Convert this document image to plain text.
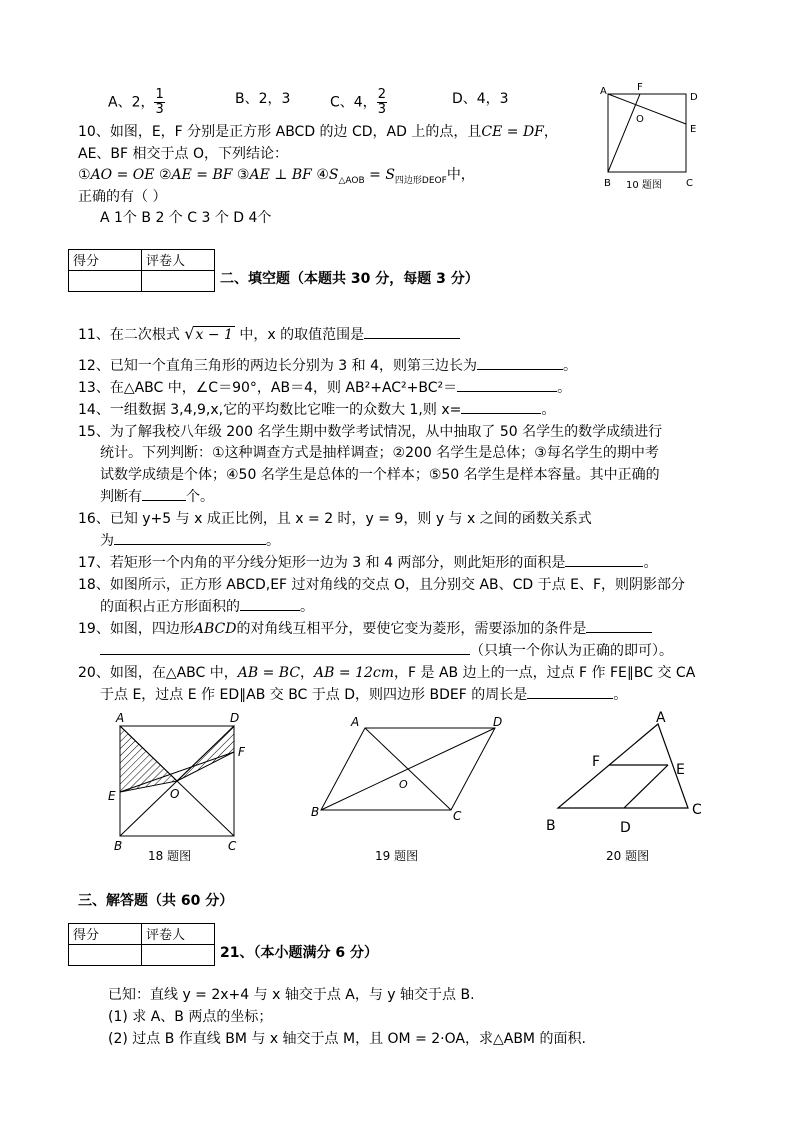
A、2， $\frac{1}{3}$	B、2，3	C、4， $\frac{2}{3}$	D、4，3
10、如图，E，F 分别是正方形 ABCD 的边 CD，AD 上的点，且CE = DF，
AE、BF 相交于点 O，下列结论：
①AO = OE ②AE = BF ③AE ⊥ BF $④S_{\triangle AOB} = S_{四边形DEOF}$中，
正确的有（ ）
A 1个 B 2 个 C 3 个 D 4个
A	F
D
E
O
B	C
10 题图
得分	评卷人

二、填空题（本题共 30 分，每题 3 分）
11、在二次根式 √x − 1 中，x 的取值范围是
12、已知一个直角三角形的两边长分别为 3 和 4，则第三边长为	。
13、在△ABC 中，∠C＝90°，AB＝4，则 AB²+AC²+BC²＝	。
14、一组数据 3,4,9,x,它的平均数比它唯一的众数大 1,则 x=	。
15、为了解我校八年级 200 名学生期中数学考试情况，从中抽取了 50 名学生的数学成绩进行
统计。下列判断：①这种调查方式是抽样调查；②200 名学生是总体；③每名学生的期中考
试数学成绩是个体；④50 名学生是总体的一个样本；⑤50 名学生是样本容量。其中正确的
判断有	个。
16、已知 y+5 与 x 成正比例，且 x = 2 时，y = 9，则 y 与 x 之间的函数关系式
为	。
17、若矩形一个内角的平分线分矩形一边为 3 和 4 两部分，则此矩形的面积是	。
18、如图所示，正方形 ABCD,EF 过对角线的交点 O，且分别交 AB、CD 于点 E、F，则阴影部分
的面积占正方形面积的	。
19、如图，四边形ABCD的对角线互相平分，要使它变为菱形，需要添加的条件是
（只填一个你认为正确的即可）。
20、如图，在△ABC 中，AB = BC，AB = 12cm，F 是 AB 边上的一点，过点 F 作 FE∥BC 交 CA
于点 E，过点 E 作 ED∥AB 交 BC 于点 D，则四边形 BDEF 的周长是	。
A	D
F
E	O
B	C
18 题图
A	D
O
B	C
19 题图
A
F	E
B	D
C
20 题图
三、解答题（共 60 分）
得分	评卷人

21、（本小题满分 6 分）
已知：直线 y = 2x+4 与 x 轴交于点 A，与 y 轴交于点 B.
(1) 求 A、B 两点的坐标；
(2) 过点 B 作直线 BM 与 x 轴交于点 M，且 OM = 2·OA，求△ABM 的面积.
